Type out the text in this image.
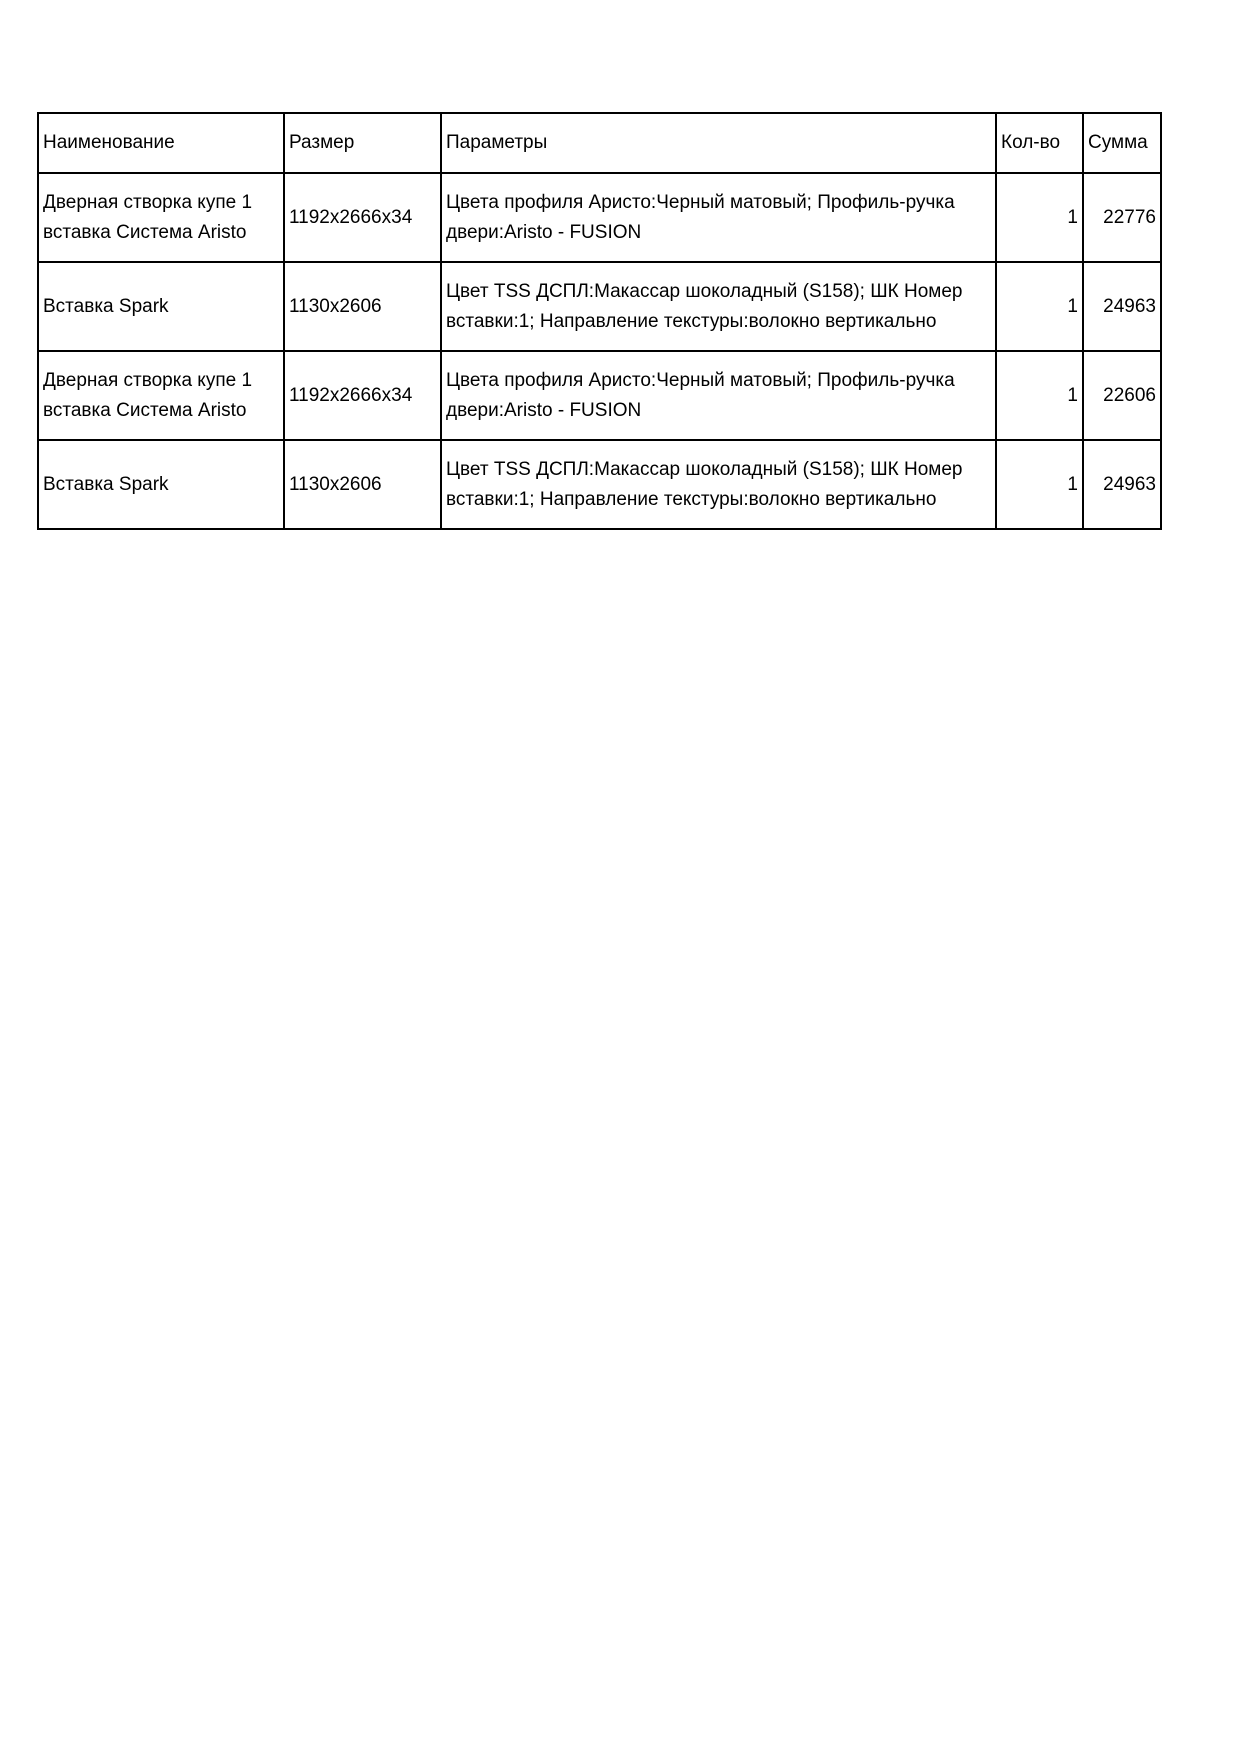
Наименование	Размер	Параметры	Кол-во	Сумма
Дверная створка купе 1 вставка Система Aristo	1192x2666x34	Цвета профиля Аристо:Черный матовый; Профиль-ручка двери:Aristo - FUSION	1	22776
Вставка Spark	1130x2606	Цвет TSS ДСПЛ:Макассар шоколадный (S158); ШК Номер вставки:1; Направление текстуры:волокно вертикально	1	24963
Дверная створка купе 1 вставка Система Aristo	1192x2666x34	Цвета профиля Аристо:Черный матовый; Профиль-ручка двери:Aristo - FUSION	1	22606
Вставка Spark	1130x2606	Цвет TSS ДСПЛ:Макассар шоколадный (S158); ШК Номер вставки:1; Направление текстуры:волокно вертикально	1	24963
